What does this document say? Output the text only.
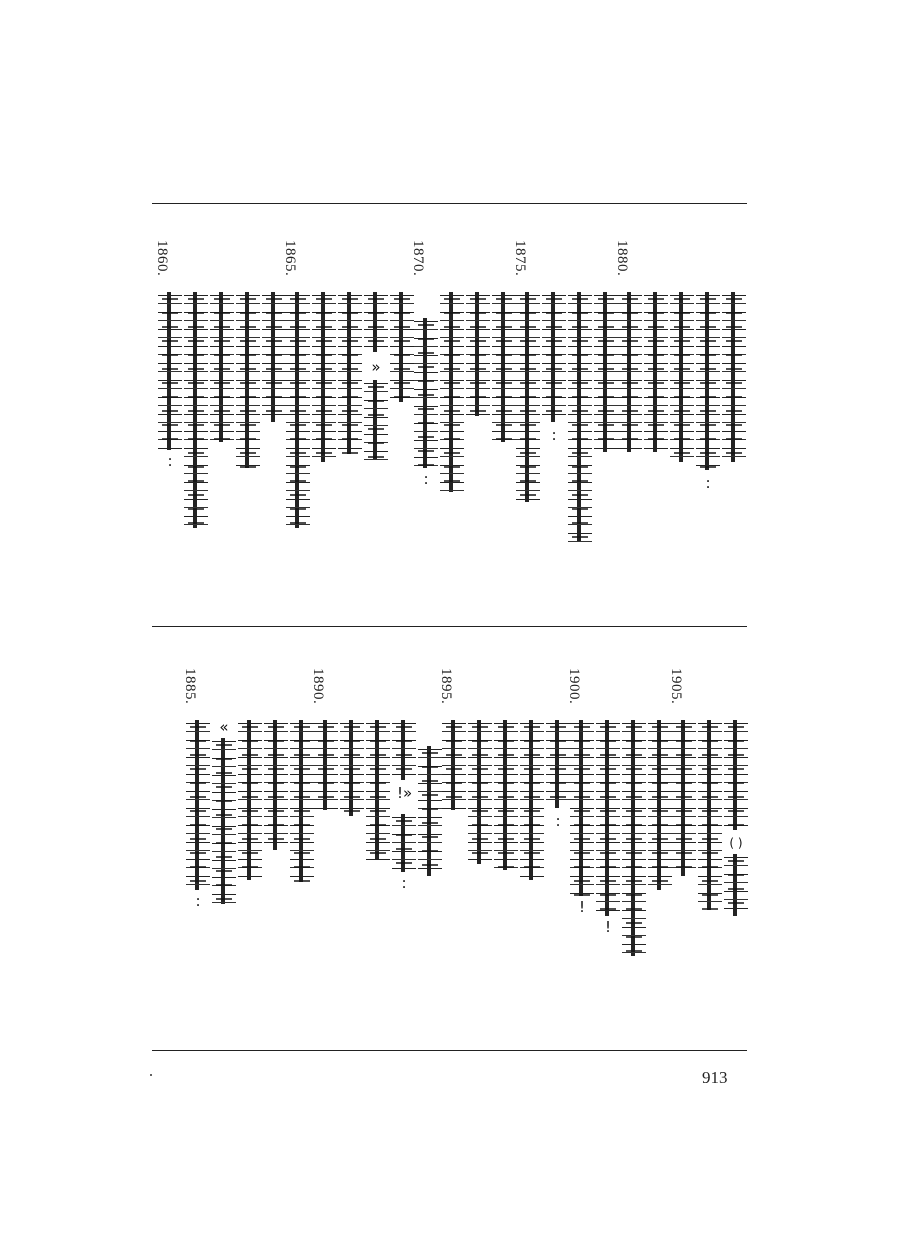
1860.
:
1865.
»
1870.
:
1875.
:
1880.
:
1885.
:
«
1890.
!»
:
1895.
:
1900.
!
!
1905.
( )
913
